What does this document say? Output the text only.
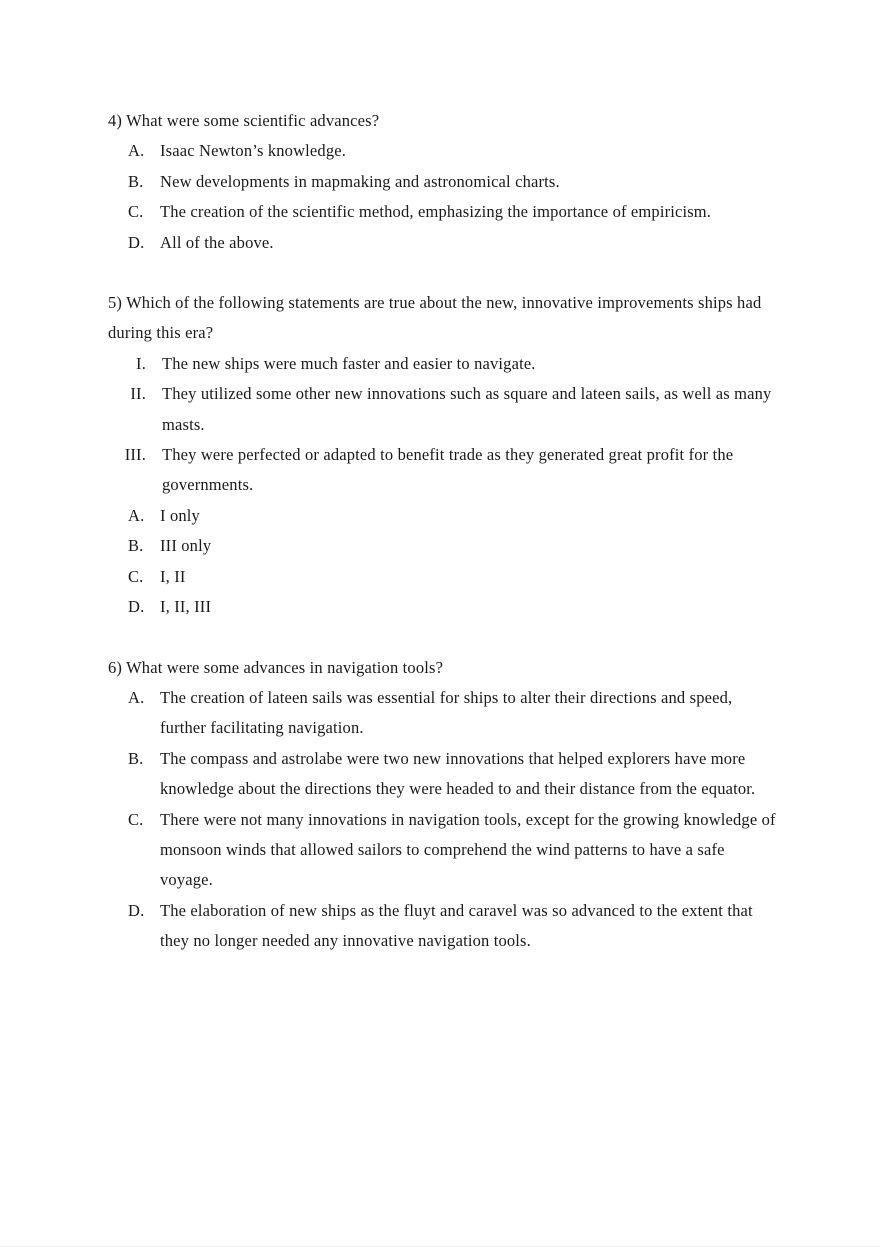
4) What were some scientific advances?

A. Isaac Newton’s knowledge.
B.	New developments in mapmaking and astronomical charts.
C.	The creation of the scientific method, emphasizing the importance of empiricism.
D. All of the above.

5) Which of the following statements are true about the new, innovative improvements ships had during this era?

I. The new ships were much faster and easier to navigate.
II. They utilized some other new innovations such as square and lateen sails, as well as many masts.
III. They were perfected or adapted to benefit trade as they generated great profit for the governments.
A. I only
B.	III only
C.	I, II
D. I, II, III

6) What were some advances in navigation tools?

A. The creation of lateen sails was essential for ships to alter their directions and speed, further facilitating navigation.
B.	The compass and astrolabe were two new innovations that helped explorers have more knowledge about the directions they were headed to and their distance from the equator.
C.	There were not many innovations in navigation tools, except for the growing knowledge of monsoon winds that allowed sailors to comprehend the wind patterns to have a safe voyage.
D. The elaboration of new ships as the fluyt and caravel was so advanced to the extent that they no longer needed any innovative navigation tools.
